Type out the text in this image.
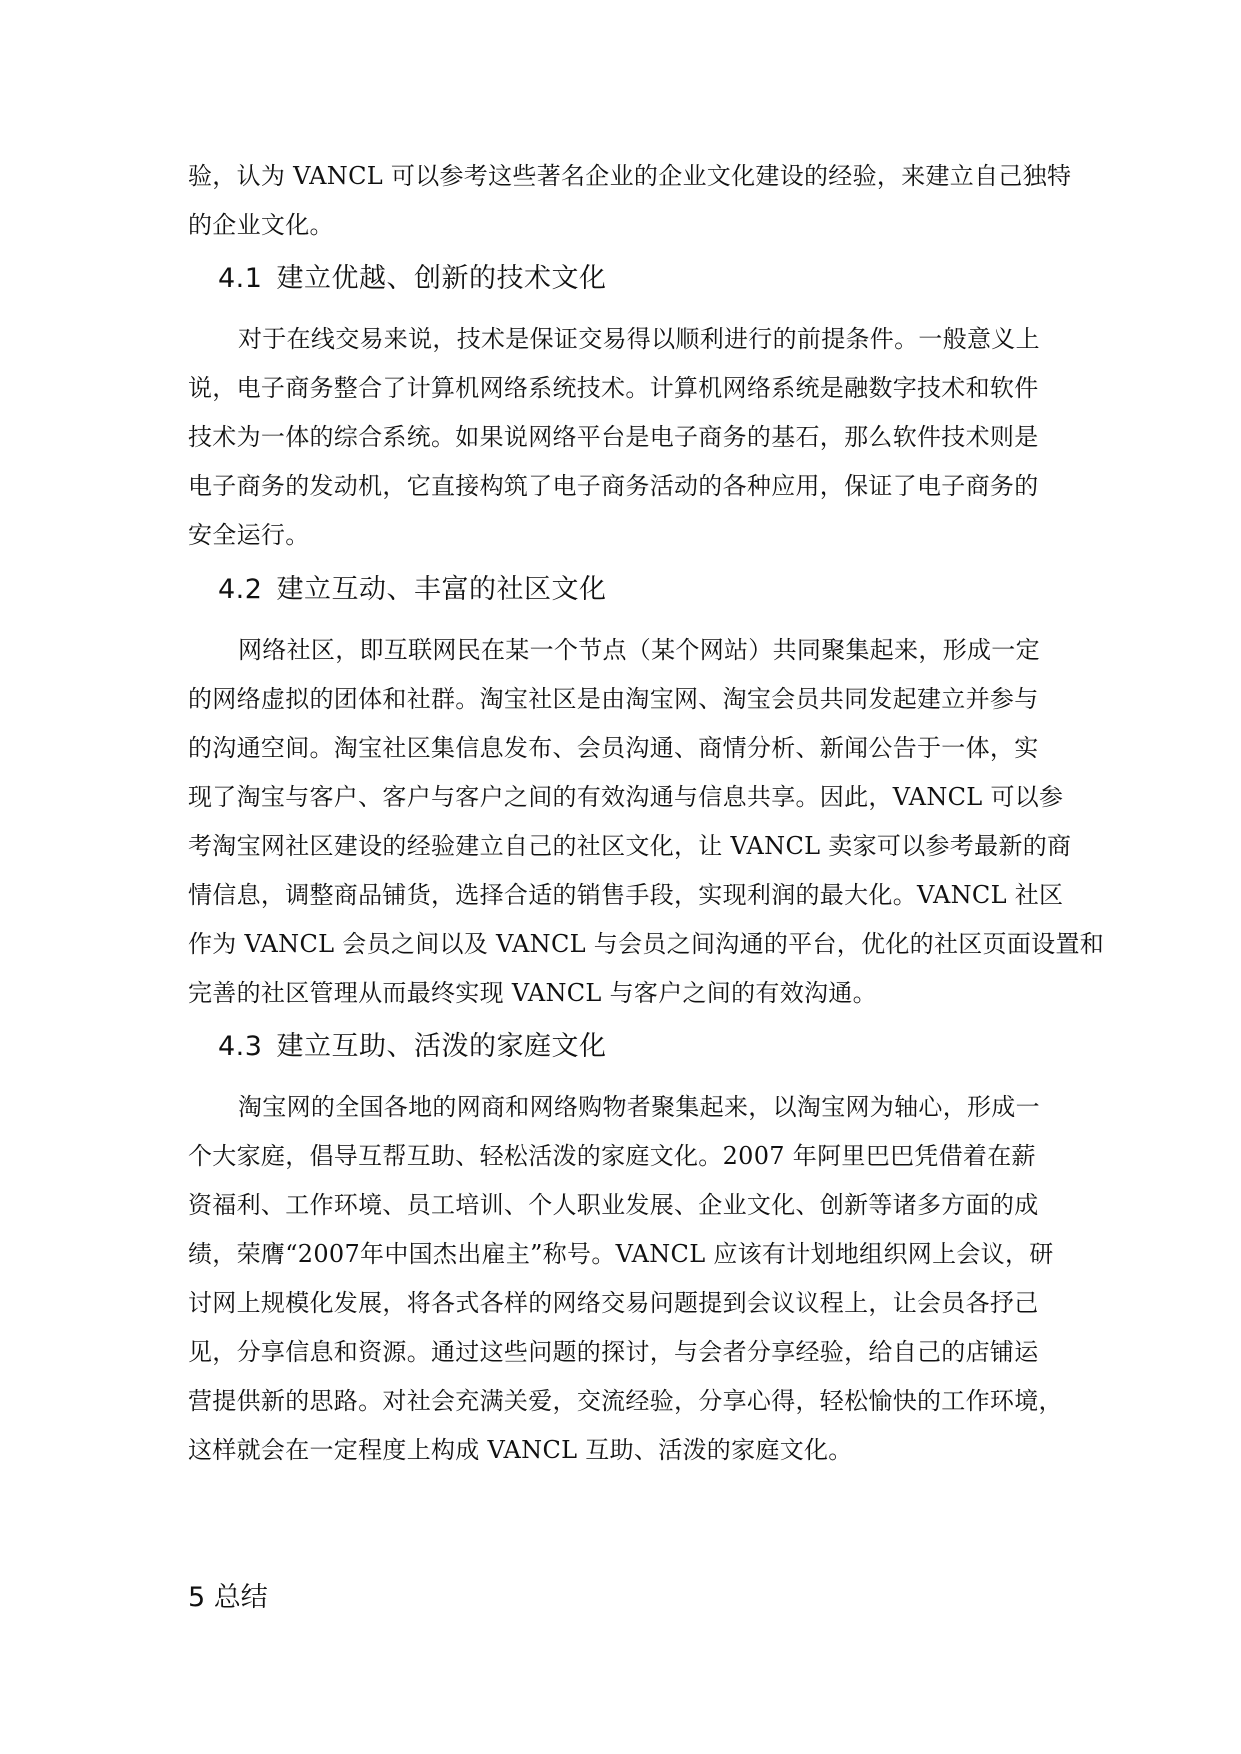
验，认为 VANCL 可以参考这些著名企业的企业文化建设的经验，来建立自己独特
的企业文化。
4.1 建立优越、创新的技术文化
对于在线交易来说，技术是保证交易得以顺利进行的前提条件。一般意义上
说，电子商务整合了计算机网络系统技术。计算机网络系统是融数字技术和软件
技术为一体的综合系统。如果说网络平台是电子商务的基石，那么软件技术则是
电子商务的发动机，它直接构筑了电子商务活动的各种应用，保证了电子商务的
安全运行。
4.2 建立互动、丰富的社区文化
网络社区，即互联网民在某一个节点（某个网站）共同聚集起来，形成一定
的网络虚拟的团体和社群。淘宝社区是由淘宝网、淘宝会员共同发起建立并参与
的沟通空间。淘宝社区集信息发布、会员沟通、商情分析、新闻公告于一体，实
现了淘宝与客户、客户与客户之间的有效沟通与信息共享。因此，VANCL 可以参
考淘宝网社区建设的经验建立自己的社区文化，让 VANCL 卖家可以参考最新的商
情信息，调整商品铺货，选择合适的销售手段，实现利润的最大化。VANCL 社区
作为 VANCL 会员之间以及 VANCL 与会员之间沟通的平台，优化的社区页面设置和
完善的社区管理从而最终实现 VANCL 与客户之间的有效沟通。
4.3 建立互助、活泼的家庭文化
淘宝网的全国各地的网商和网络购物者聚集起来，以淘宝网为轴心，形成一
个大家庭，倡导互帮互助、轻松活泼的家庭文化。2007 年阿里巴巴凭借着在薪
资福利、工作环境、员工培训、个人职业发展、企业文化、创新等诸多方面的成
绩，荣膺“2007年中国杰出雇主”称号。VANCL 应该有计划地组织网上会议，研
讨网上规模化发展，将各式各样的网络交易问题提到会议议程上，让会员各抒己
见，分享信息和资源。通过这些问题的探讨，与会者分享经验，给自己的店铺运
营提供新的思路。对社会充满关爱，交流经验，分享心得，轻松愉快的工作环境，
这样就会在一定程度上构成 VANCL 互助、活泼的家庭文化。
5 总结
